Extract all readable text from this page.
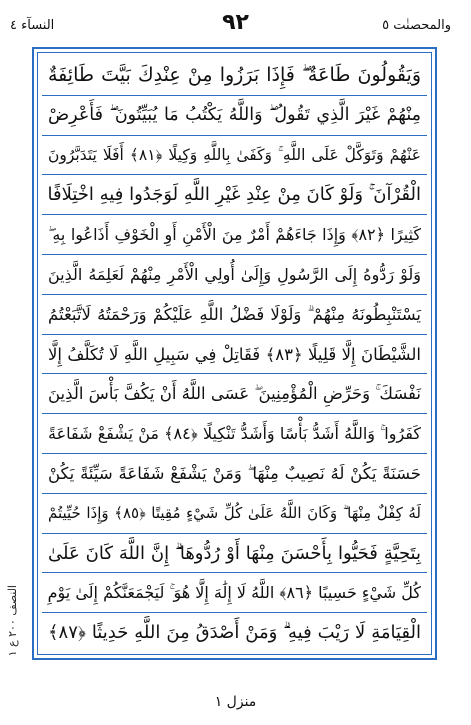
النسآء ٤	٩٢	والمحصنٰت ٥
وَيَقُولُونَ طَاعَةٌ ۖ فَإِذَا بَرَزُوا مِنْ عِنْدِكَ بَيَّتَ طَائِفَةٌ
مِنْهُمْ غَيْرَ الَّذِي تَقُولُ ۖ وَاللَّهُ يَكْتُبُ مَا يُبَيِّتُونَ ۖ فَأَعْرِضْ
عَنْهُمْ وَتَوَكَّلْ عَلَى اللَّهِ ۚ وَكَفَىٰ بِاللَّهِ وَكِيلًا ﴿٨١﴾ أَفَلَا يَتَدَبَّرُونَ
الْقُرْآنَ ۚ وَلَوْ كَانَ مِنْ عِنْدِ غَيْرِ اللَّهِ لَوَجَدُوا فِيهِ اخْتِلَافًا
كَثِيرًا ﴿٨٢﴾ وَإِذَا جَاءَهُمْ أَمْرٌ مِنَ الْأَمْنِ أَوِ الْخَوْفِ أَذَاعُوا بِهِ ۖ
وَلَوْ رَدُّوهُ إِلَى الرَّسُولِ وَإِلَىٰ أُولِي الْأَمْرِ مِنْهُمْ لَعَلِمَهُ الَّذِينَ
يَسْتَنْبِطُونَهُ مِنْهُمْ ۗ وَلَوْلَا فَضْلُ اللَّهِ عَلَيْكُمْ وَرَحْمَتُهُ لَاتَّبَعْتُمُ
الشَّيْطَانَ إِلَّا قَلِيلًا ﴿٨٣﴾ فَقَاتِلْ فِي سَبِيلِ اللَّهِ لَا تُكَلَّفُ إِلَّا
نَفْسَكَ ۚ وَحَرِّضِ الْمُؤْمِنِينَ ۖ عَسَى اللَّهُ أَنْ يَكُفَّ بَأْسَ الَّذِينَ
كَفَرُوا ۚ وَاللَّهُ أَشَدُّ بَأْسًا وَأَشَدُّ تَنْكِيلًا ﴿٨٤﴾ مَنْ يَشْفَعْ شَفَاعَةً
حَسَنَةً يَكُنْ لَهُ نَصِيبٌ مِنْهَا ۖ وَمَنْ يَشْفَعْ شَفَاعَةً سَيِّئَةً يَكُنْ
لَهُ كِفْلٌ مِنْهَا ۗ وَكَانَ اللَّهُ عَلَىٰ كُلِّ شَيْءٍ مُقِيتًا ﴿٨٥﴾ وَإِذَا حُيِّيتُمْ
بِتَحِيَّةٍ فَحَيُّوا بِأَحْسَنَ مِنْهَا أَوْ رُدُّوهَا ۗ إِنَّ اللَّهَ كَانَ عَلَىٰ
كُلِّ شَيْءٍ حَسِيبًا ﴿٨٦﴾ اللَّهُ لَا إِلَٰهَ إِلَّا هُوَ ۚ لَيَجْمَعَنَّكُمْ إِلَىٰ يَوْمِ
الْقِيَامَةِ لَا رَيْبَ فِيهِ ۗ وَمَنْ أَصْدَقُ مِنَ اللَّهِ حَدِيثًا ﴿٨٧﴾
النصف ٢٠٠ ع ١
منزل ١
